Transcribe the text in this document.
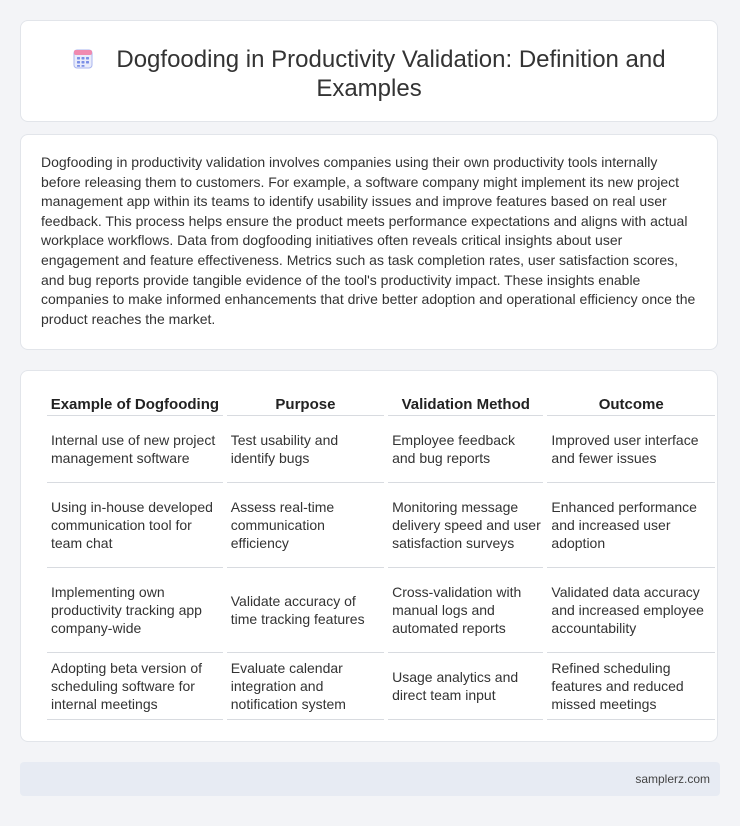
Dogfooding in Productivity Validation: Definition and Examples

Dogfooding in productivity validation involves companies using their own productivity tools internally before releasing them to customers. For example, a software company might implement its new project management app within its teams to identify usability issues and improve features based on real user feedback. This process helps ensure the product meets performance expectations and aligns with actual workplace workflows. Data from dogfooding initiatives often reveals critical insights about user engagement and feature effectiveness. Metrics such as task completion rates, user satisfaction scores, and bug reports provide tangible evidence of the tool's productivity impact. These insights enable companies to make informed enhancements that drive better adoption and operational efficiency once the product reaches the market.

Example of Dogfooding	Purpose	Validation Method	Outcome
Internal use of new project management software	Test usability and identify bugs	Employee feedback and bug reports	Improved user interface and fewer issues
Using in-house developed communication tool for team chat	Assess real-time communication efficiency	Monitoring message delivery speed and user satisfaction surveys	Enhanced performance and increased user adoption
Implementing own productivity tracking app company-wide	Validate accuracy of time tracking features	Cross-validation with manual logs and automated reports	Validated data accuracy and increased employee accountability
Adopting beta version of scheduling software for internal meetings	Evaluate calendar integration and notification system	Usage analytics and direct team input	Refined scheduling features and reduced missed meetings
samplerz.com
